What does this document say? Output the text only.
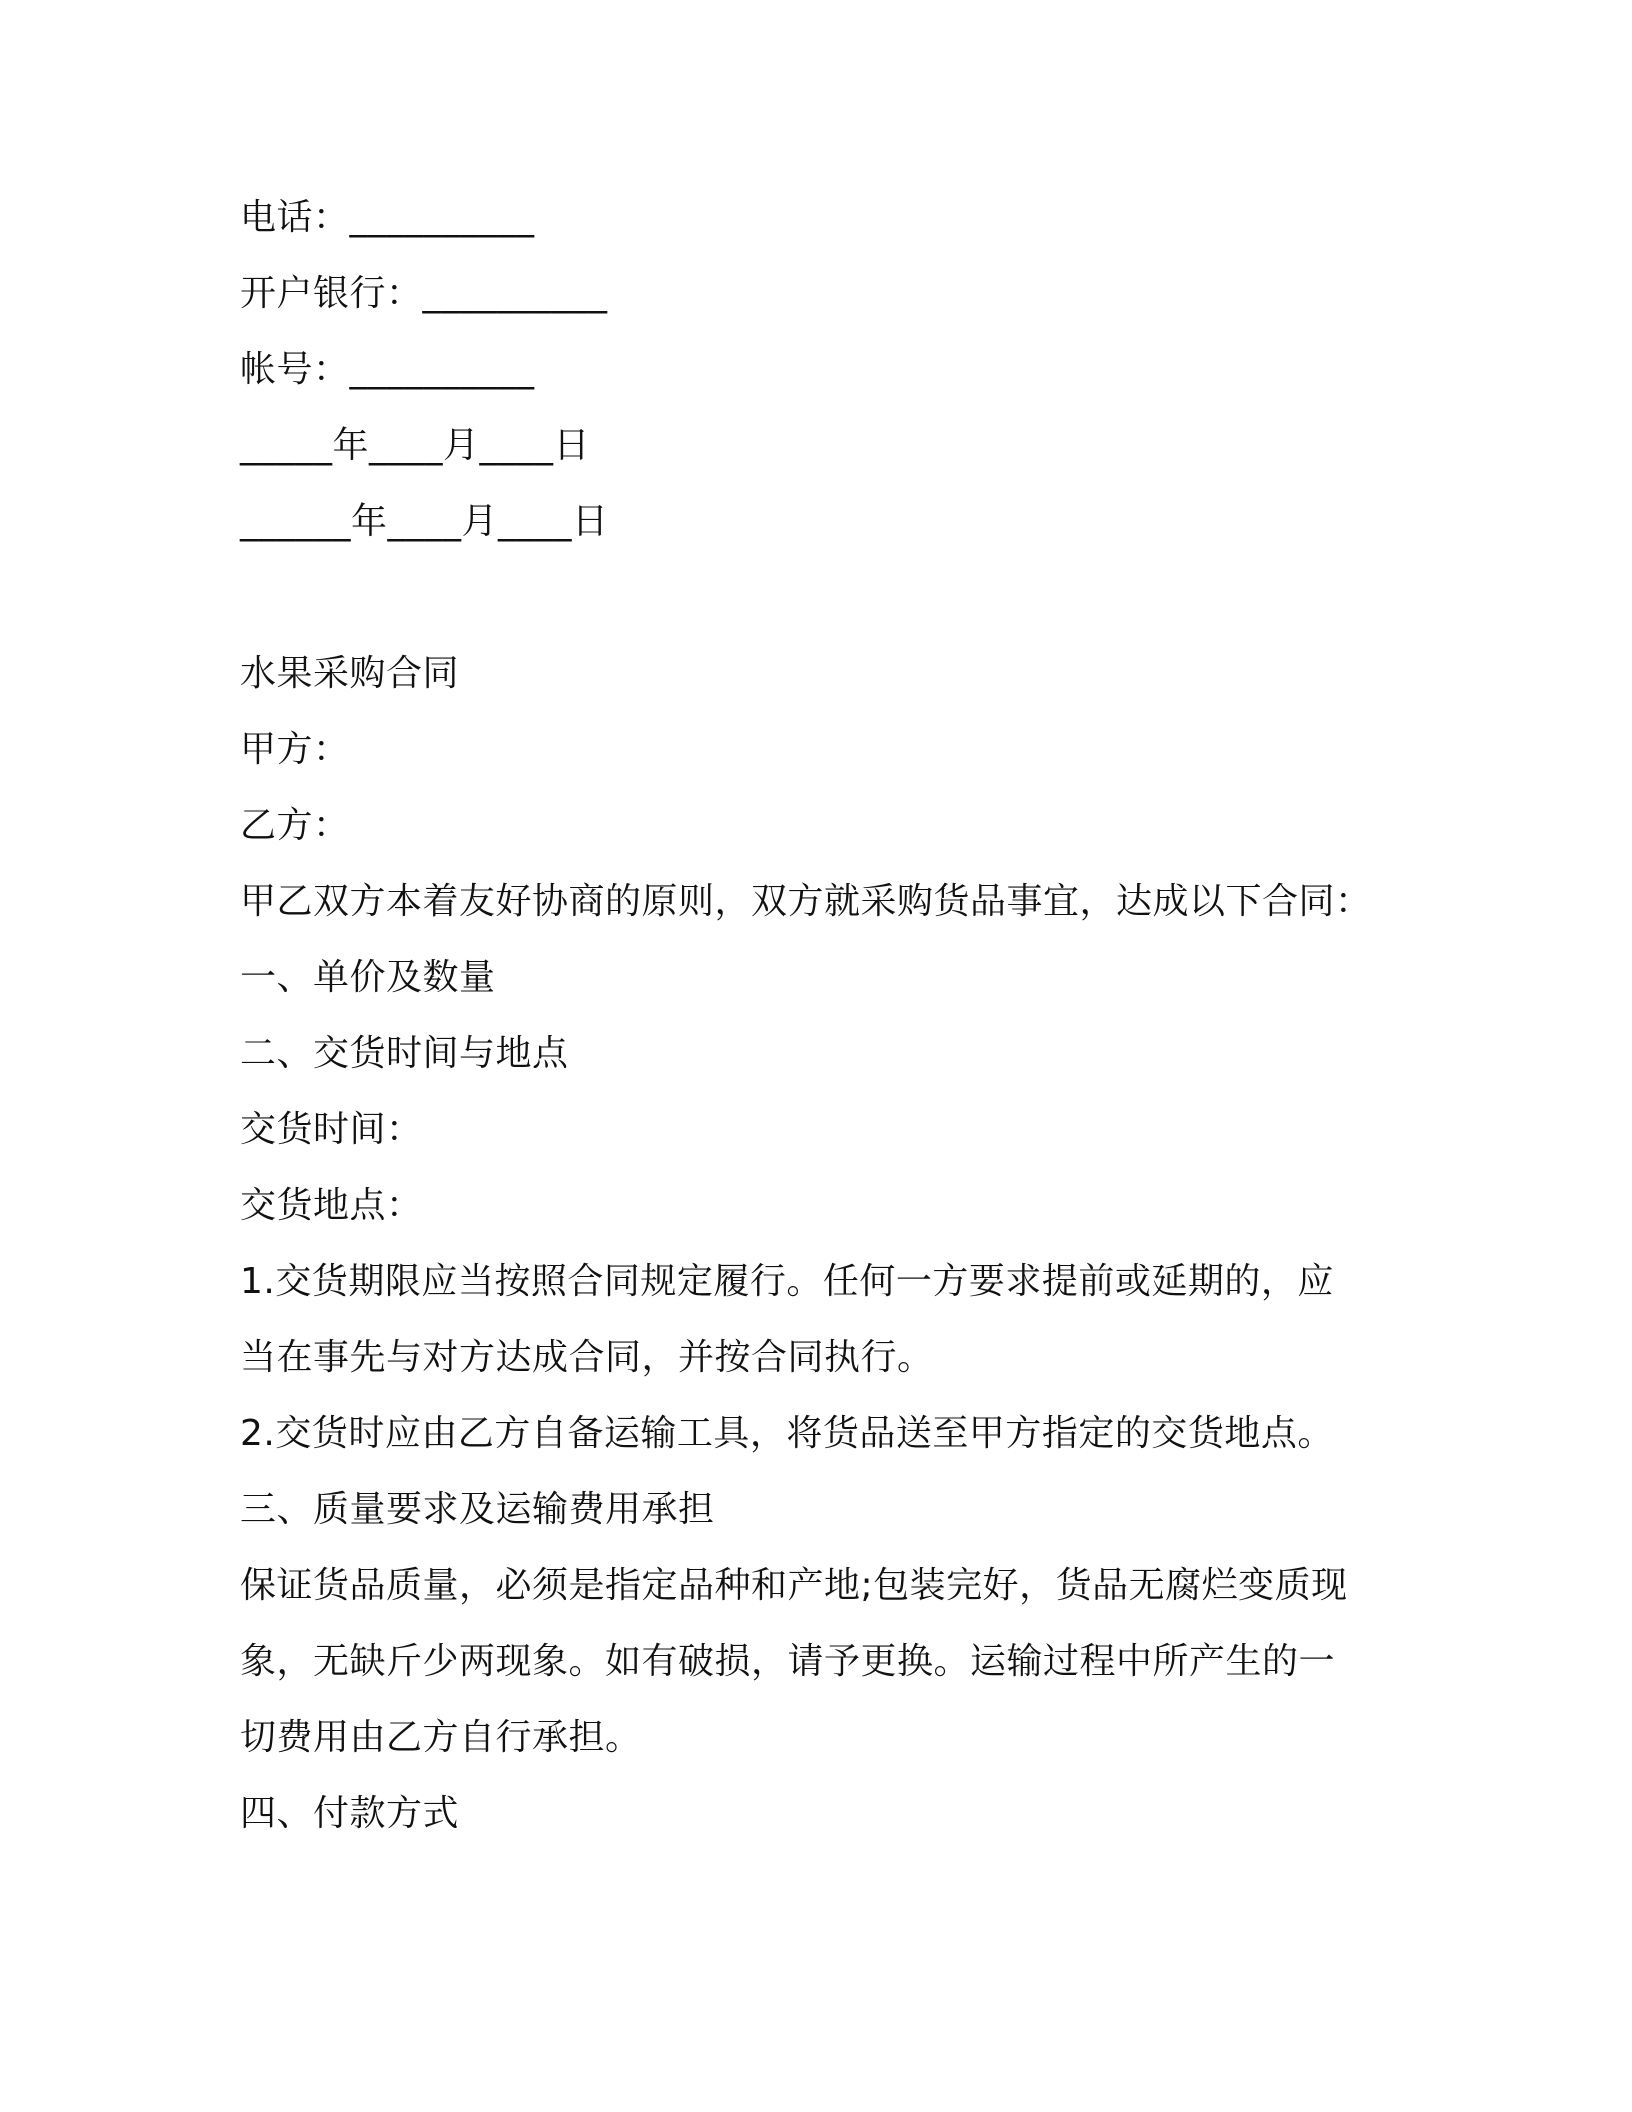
电话：__________
开户银行：__________
帐号：__________
_____年____月____日
______年____月____日
水果采购合同
甲方：
乙方：
甲乙双方本着友好协商的原则，双方就采购货品事宜，达成以下合同：
一、单价及数量
二、交货时间与地点
交货时间：
交货地点：
1.交货期限应当按照合同规定履行。任何一方要求提前或延期的，应
当在事先与对方达成合同，并按合同执行。
2.交货时应由乙方自备运输工具，将货品送至甲方指定的交货地点。
三、质量要求及运输费用承担
保证货品质量，必须是指定品种和产地;包装完好，货品无腐烂变质现
象，无缺斤少两现象。如有破损，请予更换。运输过程中所产生的一
切费用由乙方自行承担。
四、付款方式
